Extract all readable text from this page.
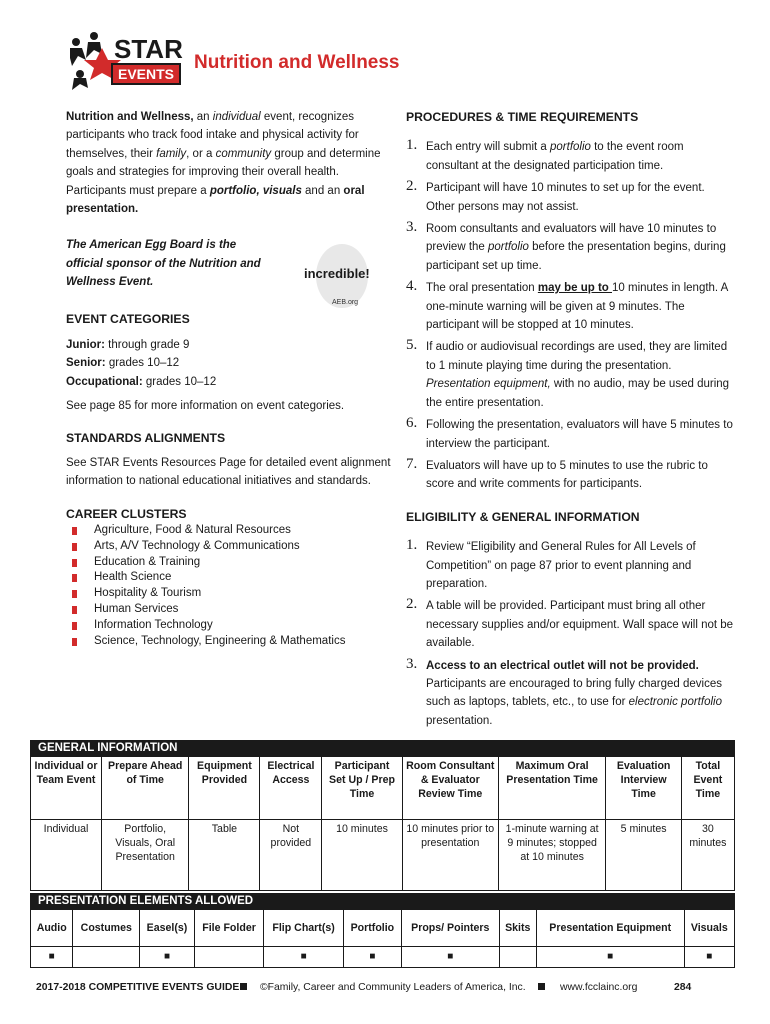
STAR
EVENTS
Nutrition and Wellness

Nutrition and Wellness, an individual event, recognizes participants who track food intake and physical activity for themselves, their family, or a community group and determine goals and strategies for improving their overall health. Participants must prepare a portfolio, visuals and an oral presentation.

The American Egg Board is the official sponsor of the Nutrition and Wellness Event.
incredible!
AEB.org

EVENT CATEGORIES

Junior: through grade 9

Senior: grades 10–12

Occupational: grades 10–12

See page 85 for more information on event categories.

STANDARDS ALIGNMENTS

See STAR Events Resources Page for detailed event alignment information to national educational initiatives and standards.

CAREER CLUSTERS

Agriculture, Food & Natural Resources
Arts, A/V Technology & Communications
Education & Training
Health Science
Hospitality & Tourism
Human Services
Information Technology
Science, Technology, Engineering & Mathematics

PROCEDURES & TIME REQUIREMENTS

1. Each entry will submit a portfolio to the event room consultant at the designated participation time.
2. Participant will have 10 minutes to set up for the event. Other persons may not assist.
3. Room consultants and evaluators will have 10 minutes to preview the portfolio before the presentation begins, during participant set up time.
4. The oral presentation may be up to 10 minutes in length. A one-minute warning will be given at 9 minutes. The participant will be stopped at 10 minutes.
5. If audio or audiovisual recordings are used, they are limited to 1 minute playing time during the presentation. Presentation equipment, with no audio, may be used during the entire presentation.
6. Following the presentation, evaluators will have 5 minutes to interview the participant.
7. Evaluators will have up to 5 minutes to use the rubric to score and write comments for participants.

ELIGIBILITY & GENERAL INFORMATION

1. Review “Eligibility and General Rules for All Levels of Competition” on page 87 prior to event planning and preparation.
2. A table will be provided. Participant must bring all other necessary supplies and/or equipment. Wall space will not be available.
3. Access to an electrical outlet will not be provided. Participants are encouraged to bring fully charged devices such as laptops, tablets, etc., to use for electronic portfolio presentation.
GENERAL INFORMATION
Individual or Team Event	Prepare Ahead of Time	Equipment Provided	Electrical Access	Participant Set Up / Prep Time	Room Consultant & Evaluator Review Time	Maximum Oral Presentation Time	Evaluation Interview Time	Total Event Time
Individual	Portfolio, Visuals, Oral Presentation	Table	Not provided	10 minutes	10 minutes prior to presentation	1-minute warning at 9 minutes; stopped at 10 minutes	5 minutes	30 minutes
PRESENTATION ELEMENTS ALLOWED
Audio	Costumes	Easel(s)	File Folder	Flip Chart(s)	Portfolio	Props/ Pointers	Skits	Presentation Equipment	Visuals
■		■		■	■	■		■	■
2017-2018 COMPETITIVE EVENTS GUIDE ©Family, Career and Community Leaders of America, Inc.	www.fcclainc.org	284
